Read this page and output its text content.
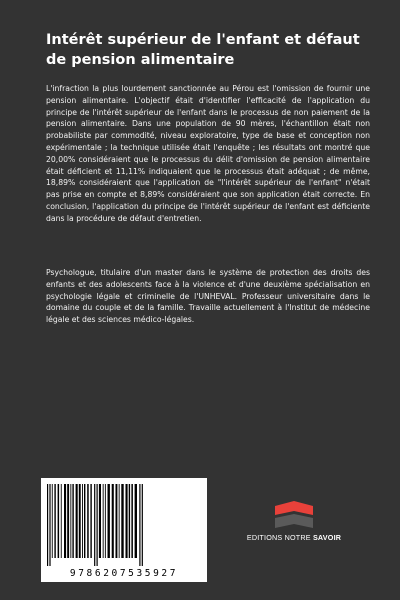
Intérêt supérieur de l'enfant et défaut de pension alimentaire

L'infraction la plus lourdement sanctionnée au Pérou est l'omission de fournir une pension alimentaire. L'objectif était d'identifier l'efficacité de l'application du principe de l'intérêt supérieur de l'enfant dans le processus de non paiement de la pension alimentaire. Dans une population de 90 mères, l'échantillon était non probabiliste par commodité, niveau exploratoire, type de base et conception non expérimentale ; la technique utilisée était l'enquête ; les résultats ont montré que 20,00% considéraient que le processus du délit d'omission de pension alimentaire était déficient et 11,11% indiquaient que le processus était adéquat ; de même, 18,89% considéraient que l'application de "l'intérêt supérieur de l'enfant" n'était pas prise en compte et 8,89% considéraient que son application était correcte. En conclusion, l'application du principe de l'intérêt supérieur de l'enfant est déficiente dans la procédure de défaut d'entretien.

Psychologue, titulaire d'un master dans le système de protection des droits des enfants et des adolescents face à la violence et d'une deuxième spécialisation en psychologie légale et criminelle de l'UNHEVAL. Professeur universitaire dans le domaine du couple et de la famille. Travaille actuellement à l'Institut de médecine légale et des sciences médico-légales.

9786207535927
EDITIONS NOTRE SAVOIR
